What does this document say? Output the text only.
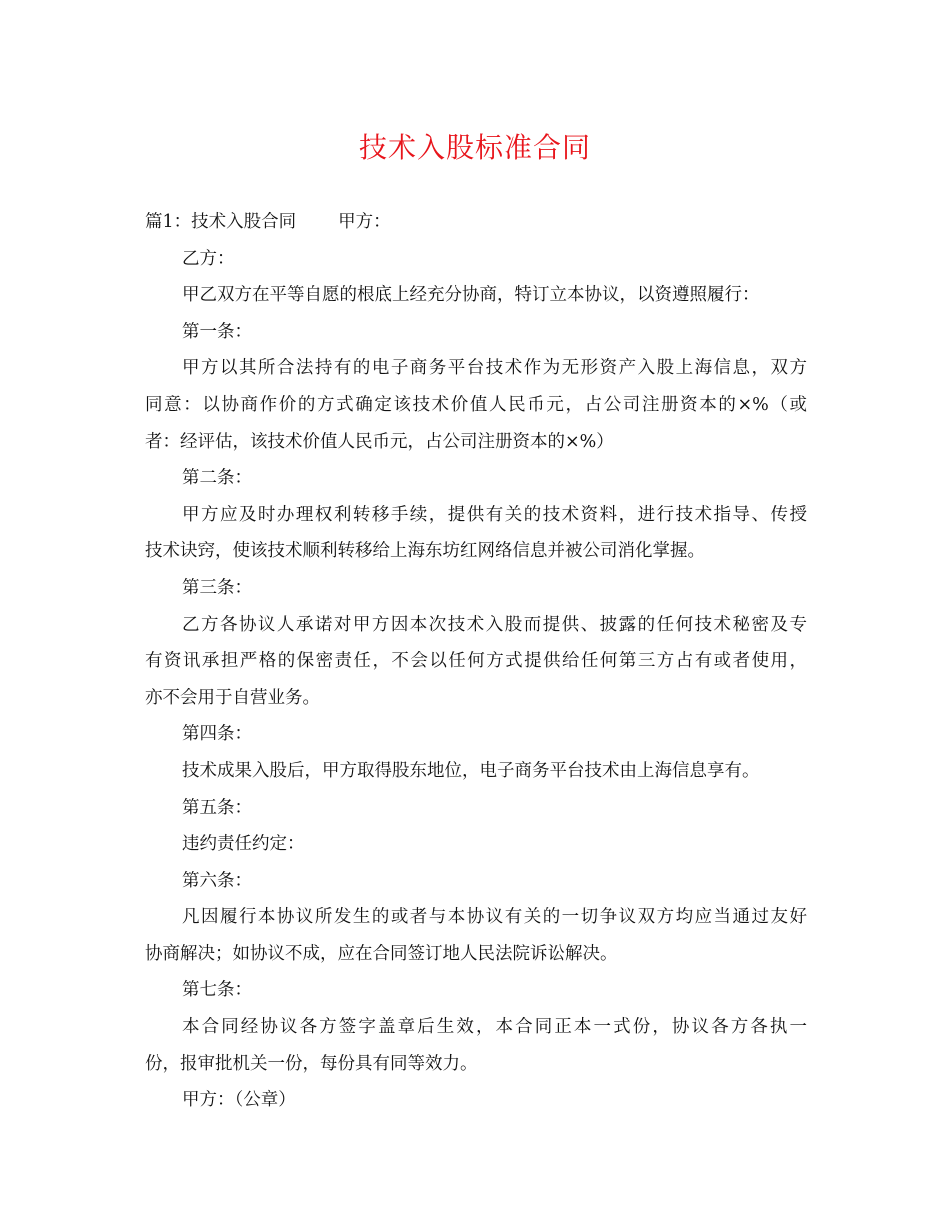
技术入股标准合同
篇1：技术入股合同 甲方：
乙方：
甲乙双方在平等自愿的根底上经充分协商，特订立本协议，以资遵照履行：
第一条：
甲方以其所合法持有的电子商务平台技术作为无形资产入股上海信息，双方
同意：以协商作价的方式确定该技术价值人民币元，占公司注册资本的×%（或
者：经评估，该技术价值人民币元，占公司注册资本的×%）
第二条：
甲方应及时办理权利转移手续，提供有关的技术资料，进行技术指导、传授
技术诀窍，使该技术顺利转移给上海东坊红网络信息并被公司消化掌握。
第三条：
乙方各协议人承诺对甲方因本次技术入股而提供、披露的任何技术秘密及专
有资讯承担严格的保密责任，不会以任何方式提供给任何第三方占有或者使用，
亦不会用于自营业务。
第四条：
技术成果入股后，甲方取得股东地位，电子商务平台技术由上海信息享有。
第五条：
违约责任约定：
第六条：
凡因履行本协议所发生的或者与本协议有关的一切争议双方均应当通过友好
协商解决；如协议不成，应在合同签订地人民法院诉讼解决。
第七条：
本合同经协议各方签字盖章后生效，本合同正本一式份，协议各方各执一
份，报审批机关一份，每份具有同等效力。
甲方：（公章）
